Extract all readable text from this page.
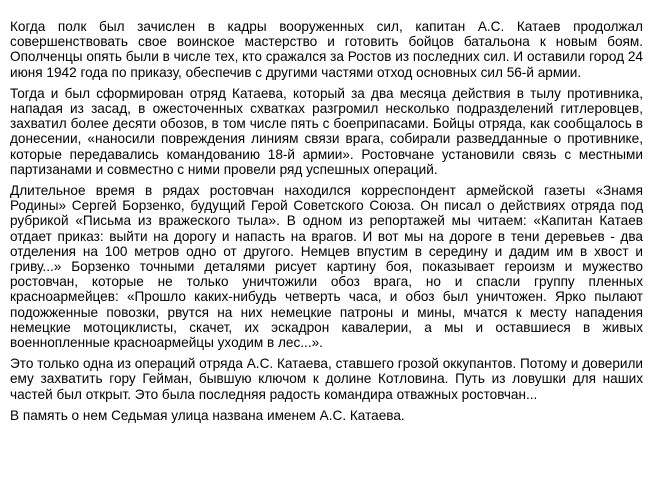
Когда полк был зачислен в кадры вооруженных сил, капитан А.С. Катаев продолжал совершенствовать свое воинское мастерство и готовить бойцов батальона к новым боям. Ополченцы опять были в числе тех, кто сражался за Ростов из последних сил. И оставили город 24 июня 1942 года по приказу, обеспечив с другими частями отход основных сил 56-й армии.

Тогда и был сформирован отряд Катаева, который за два месяца действия в тылу противника, нападая из засад, в ожесточенных схватках разгромил несколько подразделений гитлеровцев, захватил более десяти обозов, в том числе пять с боеприпасами. Бойцы отряда, как сообщалось в донесении, «наносили повреждения линиям связи врага, собирали разведданные о противнике, которые передавались командованию 18-й армии». Ростовчане установили связь с местными партизанами и совместно с ними провели ряд успешных операций.

Длительное время в рядах ростовчан находился корреспондент армейской газеты «Знамя Родины» Сергей Борзенко, будущий Герой Советского Союза. Он писал о действиях отряда под рубрикой «Письма из вражеского тыла». В одном из репортажей мы читаем: «Капитан Катаев отдает приказ: выйти на дорогу и напасть на врагов. И вот мы на дороге в тени деревьев - два отделения на 100 метров одно от другого. Немцев впустим в середину и дадим им в хвост и гриву...» Борзенко точными деталями рисует картину боя, показывает героизм и мужество ростовчан, которые не только уничтожили обоз врага, но и спасли группу пленных красноармейцев: «Прошло каких-нибудь четверть часа, и обоз был уничтожен. Ярко пылают подожженные повозки, рвутся на них немецкие патроны и мины, мчатся к месту нападения немецкие мотоциклисты, скачет, их эскадрон кавалерии, а мы и оставшиеся в живых военнопленные красноармейцы уходим в лес...».

Это только одна из операций отряда А.С. Катаева, ставшего грозой оккупантов. Потому и доверили ему захватить гору Гейман, бывшую ключом к долине Котловина. Путь из ловушки для наших частей был открыт. Это была последняя радость командира отважных ростовчан...

В память о нем Седьмая улица названа именем А.С. Катаева.
